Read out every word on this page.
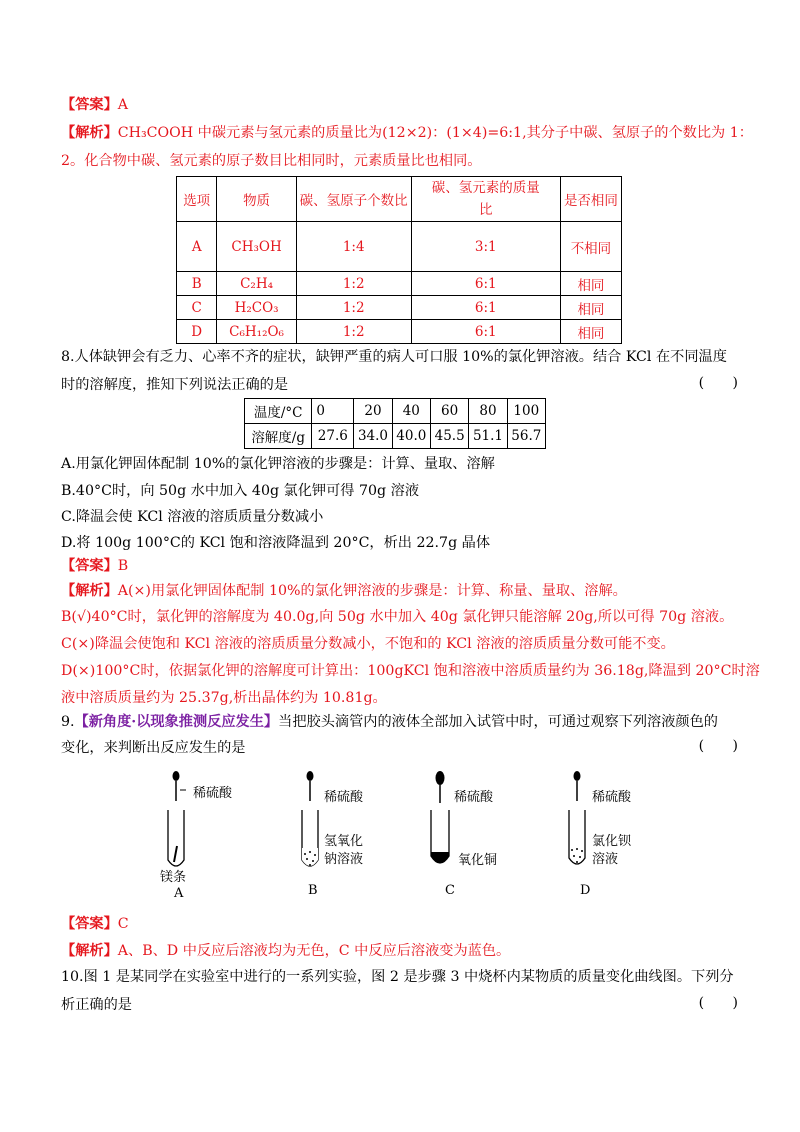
【答案】A
【解析】CH₃COOH 中碳元素与氢元素的质量比为(12×2)：(1×4)=6:1,其分子中碳、氢原子的个数比为 1：
2。化合物中碳、氢元素的原子数目比相同时，元素质量比也相同。
选项	物质	碳、氢原子个数比	碳、氢元素的质量比	是否相同
A	CH₃OH	1:4	3:1	不相同
B	C₂H₄	1:2	6:1	相同
C	H₂CO₃	1:2	6:1	相同
D	C₆H₁₂O₆	1:2	6:1	相同
8.人体缺钾会有乏力、心率不齐的症状，缺钾严重的病人可口服 10%的氯化钾溶液。结合 KCl 在不同温度
时的溶解度，推知下列说法正确的是	( )
温度/°C	0	20	40	60	80	100
溶解度/g	27.6	34.0	40.0	45.5	51.1	56.7
A.用氯化钾固体配制 10%的氯化钾溶液的步骤是：计算、量取、溶解
B.40°C时，向 50g 水中加入 40g 氯化钾可得 70g 溶液
C.降温会使 KCl 溶液的溶质质量分数减小
D.将 100g 100°C的 KCl 饱和溶液降温到 20°C，析出 22.7g 晶体
【答案】B
【解析】A(×)用氯化钾固体配制 10%的氯化钾溶液的步骤是：计算、称量、量取、溶解。
B(√)40°C时，氯化钾的溶解度为 40.0g,向 50g 水中加入 40g 氯化钾只能溶解 20g,所以可得 70g 溶液。
C(×)降温会使饱和 KCl 溶液的溶质质量分数减小，不饱和的 KCl 溶液的溶质质量分数可能不变。
D(×)100°C时，依据氯化钾的溶解度可计算出：100gKCl 饱和溶液中溶质质量约为 36.18g,降温到 20°C时溶
液中溶质质量约为 25.37g,析出晶体约为 10.81g。
9.【新角度·以现象推测反应发生】当把胶头滴管内的液体全部加入试管中时，可通过观察下列溶液颜色的
变化，来判断出反应发生的是	( )
稀硫酸	稀硫酸	稀硫酸	稀硫酸
镁条
氢氧化钠溶液	氧化铜
氯化钡溶液
A	B	C	D
【答案】C
【解析】A、B、D 中反应后溶液均为无色，C 中反应后溶液变为蓝色。
10.图 1 是某同学在实验室中进行的一系列实验，图 2 是步骤 3 中烧杯内某物质的质量变化曲线图。下列分
析正确的是	( )
